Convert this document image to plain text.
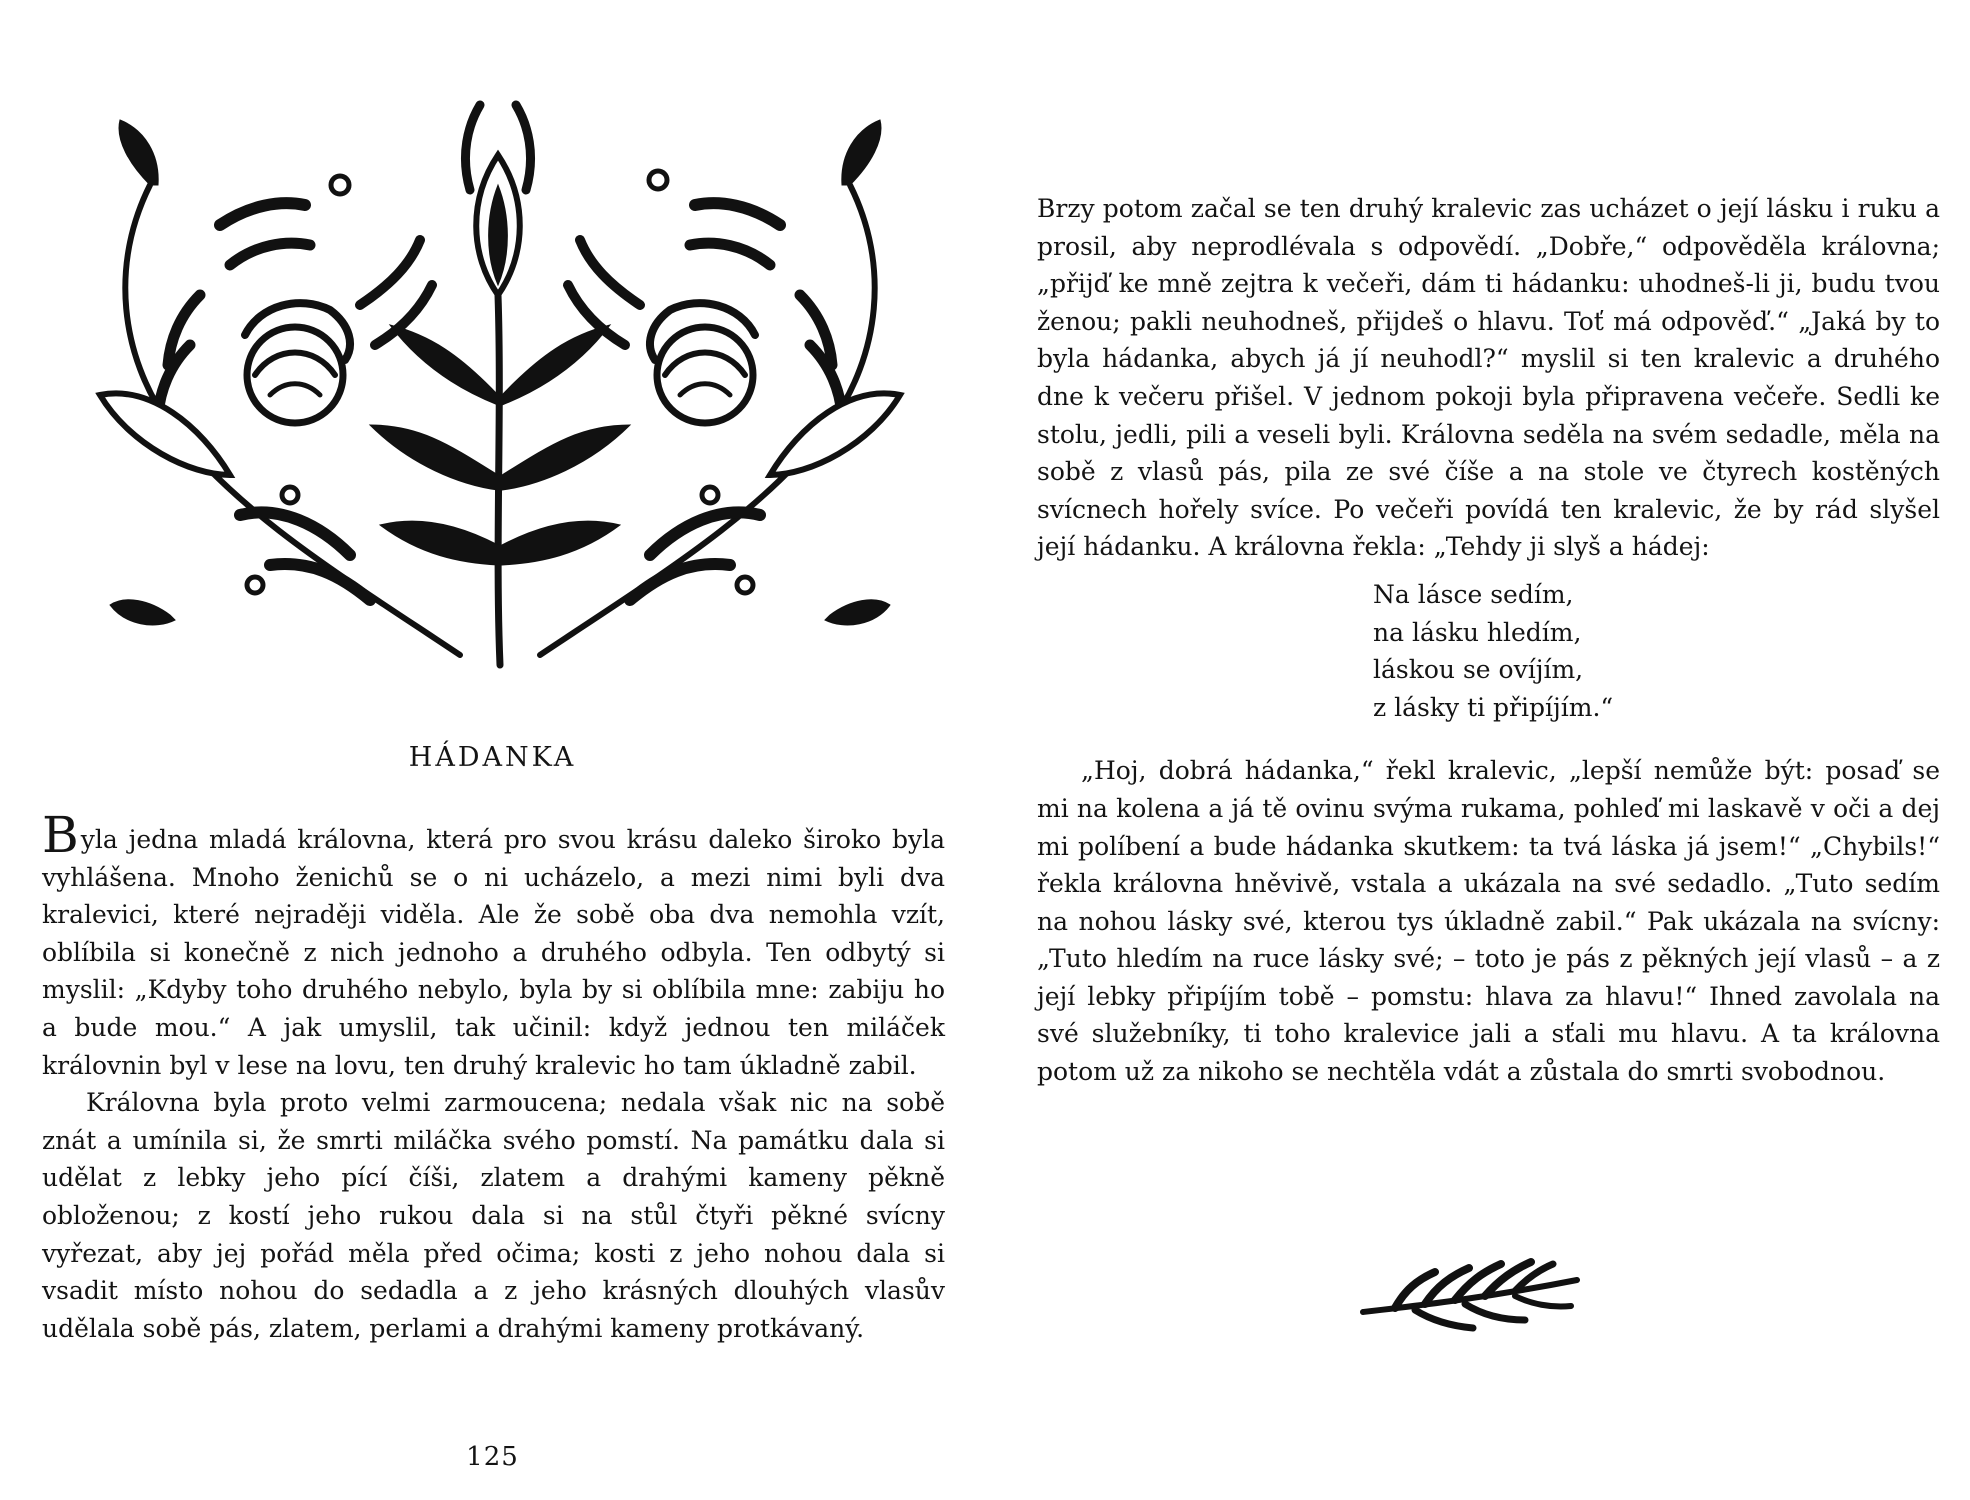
HÁDANKA

Byla jedna mladá královna, která pro svou krásu daleko široko byla vyhlášena. Mnoho ženichů se o ni ucházelo, a mezi nimi byli dva kralevici, které nejraději viděla. Ale že sobě oba dva nemohla vzít, oblíbila si konečně z nich jednoho a druhého odbyla. Ten odbytý si myslil: „Kdyby toho druhého nebylo, byla by si oblíbila mne: zabiju ho a bude mou.“ A jak umyslil, tak učinil: když jednou ten miláček královnin byl v lese na lovu, ten druhý kralevic ho tam úkladně zabil.

Královna byla proto velmi zarmoucena; nedala však nic na sobě znát a umínila si, že smrti miláčka svého pomstí. Na památku dala si udělat z lebky jeho pící číši, zlatem a drahými kameny pěkně obloženou; z kostí jeho rukou dala si na stůl čtyři pěkné svícny vyřezat, aby jej pořád měla před očima; kosti z jeho nohou dala si vsadit místo nohou do sedadla a z jeho krásných dlouhých vlasův udělala sobě pás, zlatem, perlami a drahými kameny protkávaný.

125

Brzy potom začal se ten druhý kralevic zas ucházet o její lásku i ruku a prosil, aby neprodlévala s odpovědí. „Dobře,“ odpověděla královna; „přijď ke mně zejtra k večeři, dám ti hádanku: uhodneš-li ji, budu tvou ženou; pakli neuhodneš, přijdeš o hlavu. Toť má odpověď.“ „Jaká by to byla hádanka, abych já jí neuhodl?“ myslil si ten kralevic a druhého dne k večeru přišel. V jednom pokoji byla připravena večeře. Sedli ke stolu, jedli, pili a veseli byli. Královna seděla na svém sedadle, měla na sobě z vlasů pás, pila ze své číše a na stole ve čtyrech kostěných svícnech hořely svíce. Po večeři povídá ten kralevic, že by rád slyšel její hádanku. A královna řekla: „Tehdy ji slyš a hádej:

Na lásce sedím,
na lásku hledím,
láskou se ovíjím,
z lásky ti připíjím.“

„Hoj, dobrá hádanka,“ řekl kralevic, „lepší nemůže být: posaď se mi na kolena a já tě ovinu svýma rukama, pohleď mi laskavě v oči a dej mi políbení a bude hádanka skutkem: ta tvá láska já jsem!“ „Chybils!“ řekla královna hněvivě, vstala a ukázala na své sedadlo. „Tuto sedím na nohou lásky své, kterou tys úkladně zabil.“ Pak ukázala na svícny: „Tuto hledím na ruce lásky své; – toto je pás z pěkných její vlasů – a z její lebky připíjím tobě – pomstu: hlava za hlavu!“ Ihned zavolala na své služebníky, ti toho kralevice jali a sťali mu hlavu. A ta královna potom už za nikoho se nechtěla vdát a zůstala do smrti svobodnou.
